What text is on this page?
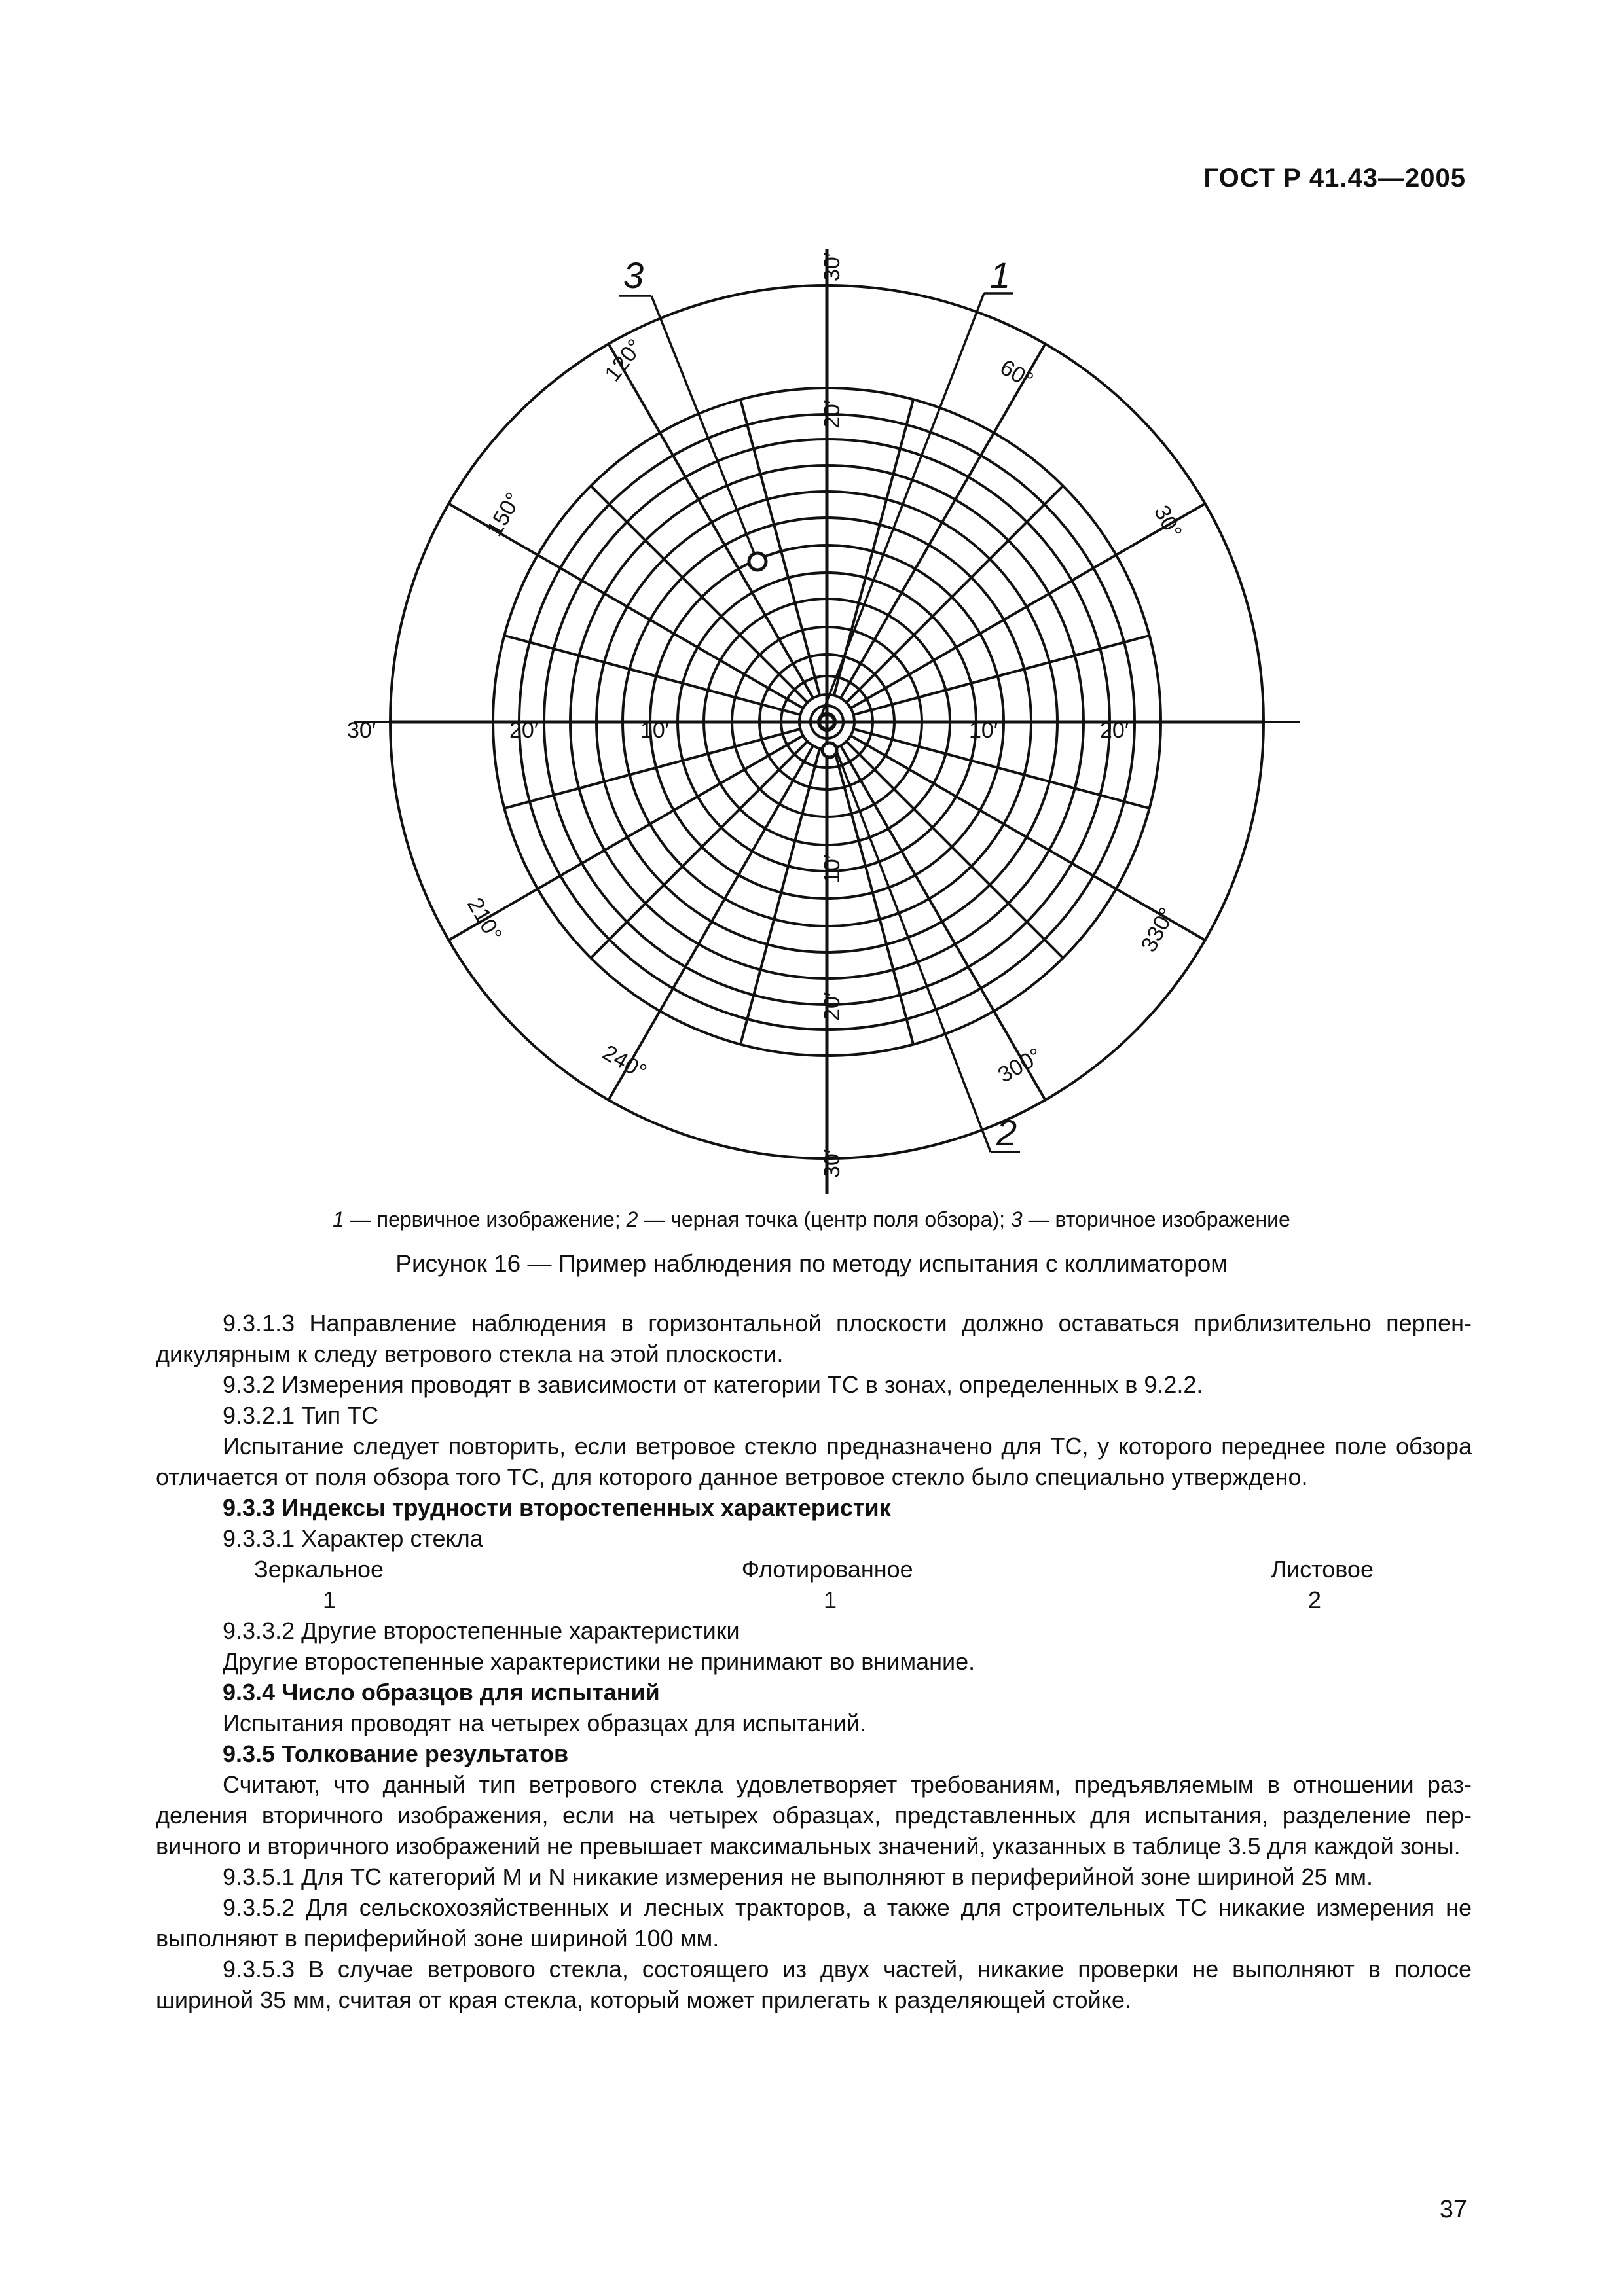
ГОСТ Р 41.43—2005
3	1
2
30′
20′
10′
20′
30′
30′	20′	10′	10′	20′
120°	60°
150°	30°
210°	330°
240°	300°
1 — первичное изображение; 2 — черная точка (центр поля обзора); 3 — вторичное изображение
Рисунок 16 — Пример наблюдения по методу испытания с коллиматором

9.3.1.3 Направление наблюдения в горизонтальной плоскости должно оставаться приблизительно перпен-дикулярным к следу ветрового стекла на этой плоскости.

9.3.2 Измерения проводят в зависимости от категории ТС в зонах, определенных в 9.2.2.

9.3.2.1 Тип ТС

Испытание следует повторить, если ветровое стекло предназначено для ТС, у которого переднее поле обзора отличается от поля обзора того ТС, для которого данное ветровое стекло было специально утверждено.

9.3.3 Индексы трудности второстепенных характеристик

9.3.3.1 Характер стекла

Зеркальное	Флотированное	Листовое
1	1	2

9.3.3.2 Другие второстепенные характеристики

Другие второстепенные характеристики не принимают во внимание.

9.3.4 Число образцов для испытаний

Испытания проводят на четырех образцах для испытаний.

9.3.5 Толкование результатов

Считают, что данный тип ветрового стекла удовлетворяет требованиям, предъявляемым в отношении раз-деления вторичного изображения, если на четырех образцах, представленных для испытания, разделение пер-вичного и вторичного изображений не превышает максимальных значений, указанных в таблице 3.5 для каждой зоны.

9.3.5.1 Для ТС категорий M и N никакие измерения не выполняют в периферийной зоне шириной 25 мм.

9.3.5.2 Для сельскохозяйственных и лесных тракторов, а также для строительных ТС никакие измерения не выполняют в периферийной зоне шириной 100 мм.

9.3.5.3 В случае ветрового стекла, состоящего из двух частей, никакие проверки не выполняют в полосе шириной 35 мм, считая от края стекла, который может прилегать к разделяющей стойке.

37
